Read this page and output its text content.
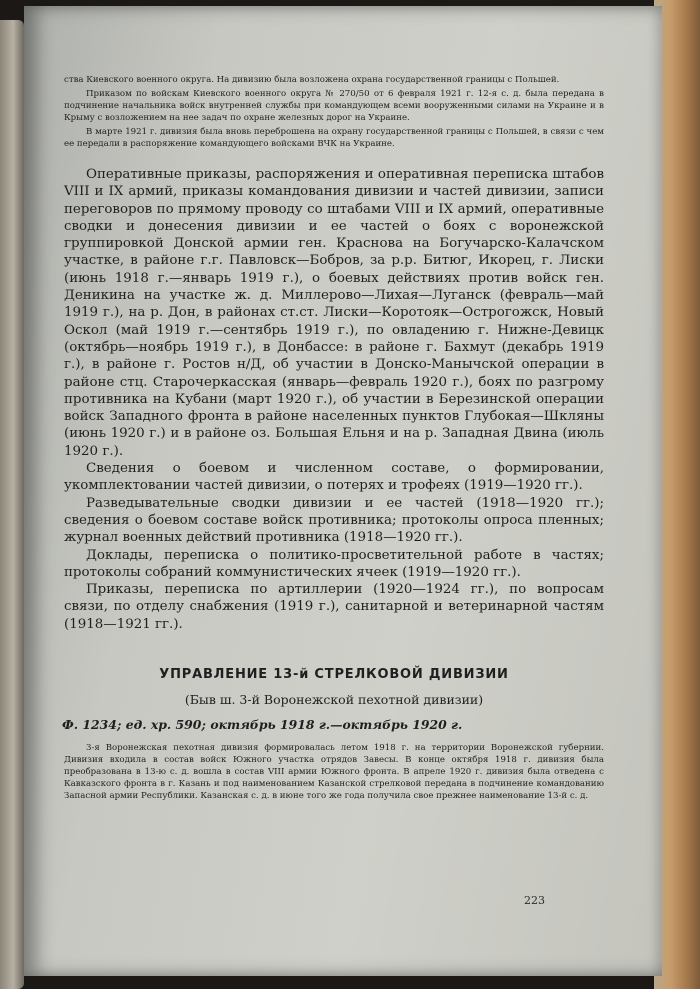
ства Киевского военного округа. На дивизию была возложена охрана государственной границы с Польшей.

Приказом по войскам Киевского военного округа № 270/50 от 6 февраля 1921 г. 12-я с. д. была передана в подчинение начальника войск внутренней службы при командующем всеми вооруженными силами на Украине и в Крыму с возложением на нее задач по охране железных дорог на Украине.

В марте 1921 г. дивизия была вновь переброшена на охрану государственной границы с Польшей, в связи с чем ее передали в распоряжение командующего войсками ВЧК на Украине.

Оперативные приказы, распоряжения и оперативная переписка штабов VIII и IX армий, приказы командования дивизии и частей дивизии, записи переговоров по прямому проводу со штабами VIII и IX армий, оперативные сводки и донесения дивизии и ее частей о боях с воронежской группировкой Донской армии ген. Краснова на Богучарско-Калачском участке, в районе г.г. Павловск—Бобров, за р.р. Битюг, Икорец, г. Лиски (июнь 1918 г.—январь 1919 г.), о боевых действиях против войск ген. Деникина на участке ж. д. Миллерово—Лихая—Луганск (февраль—май 1919 г.), на р. Дон, в районах ст.ст. Лиски—Коротояк—Острогожск, Новый Оскол (май 1919 г.—сентябрь 1919 г.), по овладению г. Нижне-Девицк (октябрь—ноябрь 1919 г.), в Донбассе: в районе г. Бахмут (декабрь 1919 г.), в районе г. Ростов н/Д, об участии в Донско-Манычской операции в районе стц. Старочеркасская (январь—февраль 1920 г.), боях по разгрому противника на Кубани (март 1920 г.), об участии в Березинской операции войск Западного фронта в районе населенных пунктов Глубокая—Шкляны (июнь 1920 г.) и в районе оз. Большая Ельня и на р. Западная Двина (июль 1920 г.).

Сведения о боевом и численном составе, о формировании, укомплектовании частей дивизии, о потерях и трофеях (1919—1920 гг.).

Разведывательные сводки дивизии и ее частей (1918—1920 гг.); сведения о боевом составе войск противника; протоколы опроса пленных; журнал военных действий противника (1918—1920 гг.).

Доклады, переписка о политико-просветительной работе в частях; протоколы собраний коммунистических ячеек (1919—1920 гг.).

Приказы, переписка по артиллерии (1920—1924 гг.), по вопросам связи, по отделу снабжения (1919 г.), санитарной и ветеринарной частям (1918—1921 гг.).

УПРАВЛЕНИЕ 13-й СТРЕЛКОВОЙ ДИВИЗИИ
(Быв ш. 3-й Воронежской пехотной дивизии)
Ф. 1234; ед. хр. 590; октябрь 1918 г.—октябрь 1920 г.

3-я Воронежская пехотная дивизия формировалась летом 1918 г. на территории Воронежской губернии. Дивизия входила в состав войск Южного участка отрядов Завесы. В конце октября 1918 г. дивизия была преобразована в 13-ю с. д. вошла в состав VIII армии Южного фронта. В апреле 1920 г. дивизия была отведена с Кавказского фронта в г. Казань и под наименованием Казанской стрелковой передана в подчинение командованию Запасной армии Республики. Казанская с. д. в июне того же года получила свое прежнее наименование 13-й с. д.

223
